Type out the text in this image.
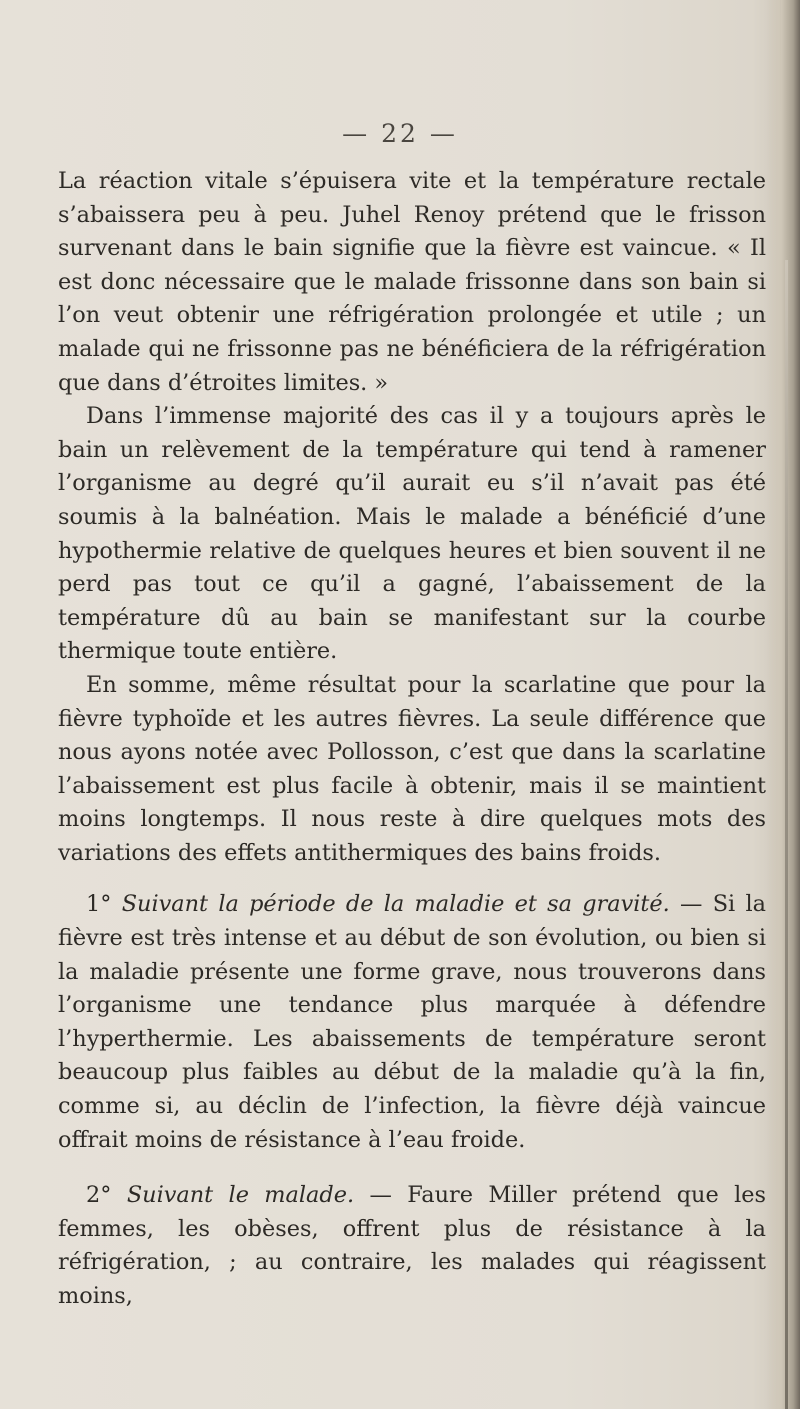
— 22 —

La réaction vitale s’épuisera vite et la température rectale s’abaissera peu à peu. Juhel Renoy prétend que le frisson survenant dans le bain signifie que la fièvre est vaincue. « Il est donc nécessaire que le malade frissonne dans son bain si l’on veut obtenir une réfrigération prolongée et utile ; un malade qui ne frissonne pas ne bénéficiera de la réfrigération que dans d’étroites limites. »

Dans l’immense majorité des cas il y a toujours après le bain un relèvement de la température qui tend à ramener l’organisme au degré qu’il aurait eu s’il n’avait pas été soumis à la balnéation. Mais le malade a bénéficié d’une hypothermie relative de quelques heures et bien souvent il ne perd pas tout ce qu’il a gagné, l’abaissement de la température dû au bain se manifestant sur la courbe thermique toute entière.

En somme, même résultat pour la scarlatine que pour la fièvre typhoïde et les autres fièvres. La seule différence que nous ayons notée avec Pollosson, c’est que dans la scarlatine l’abaissement est plus facile à obtenir, mais il se maintient moins longtemps. Il nous reste à dire quelques mots des variations des effets antithermiques des bains froids.

1° Suivant la période de la maladie et sa gravité. — Si la fièvre est très intense et au début de son évolution, ou bien si la maladie présente une forme grave, nous trouverons dans l’organisme une tendance plus marquée à défendre l’hyperthermie. Les abaissements de température seront beaucoup plus faibles au début de la maladie qu’à la fin, comme si, au déclin de l’infection, la fièvre déjà vaincue offrait moins de résistance à l’eau froide.

2° Suivant le malade. — Faure Miller prétend que les femmes, les obèses, offrent plus de résistance à la réfrigération, ; au contraire, les malades qui réagissent moins,
